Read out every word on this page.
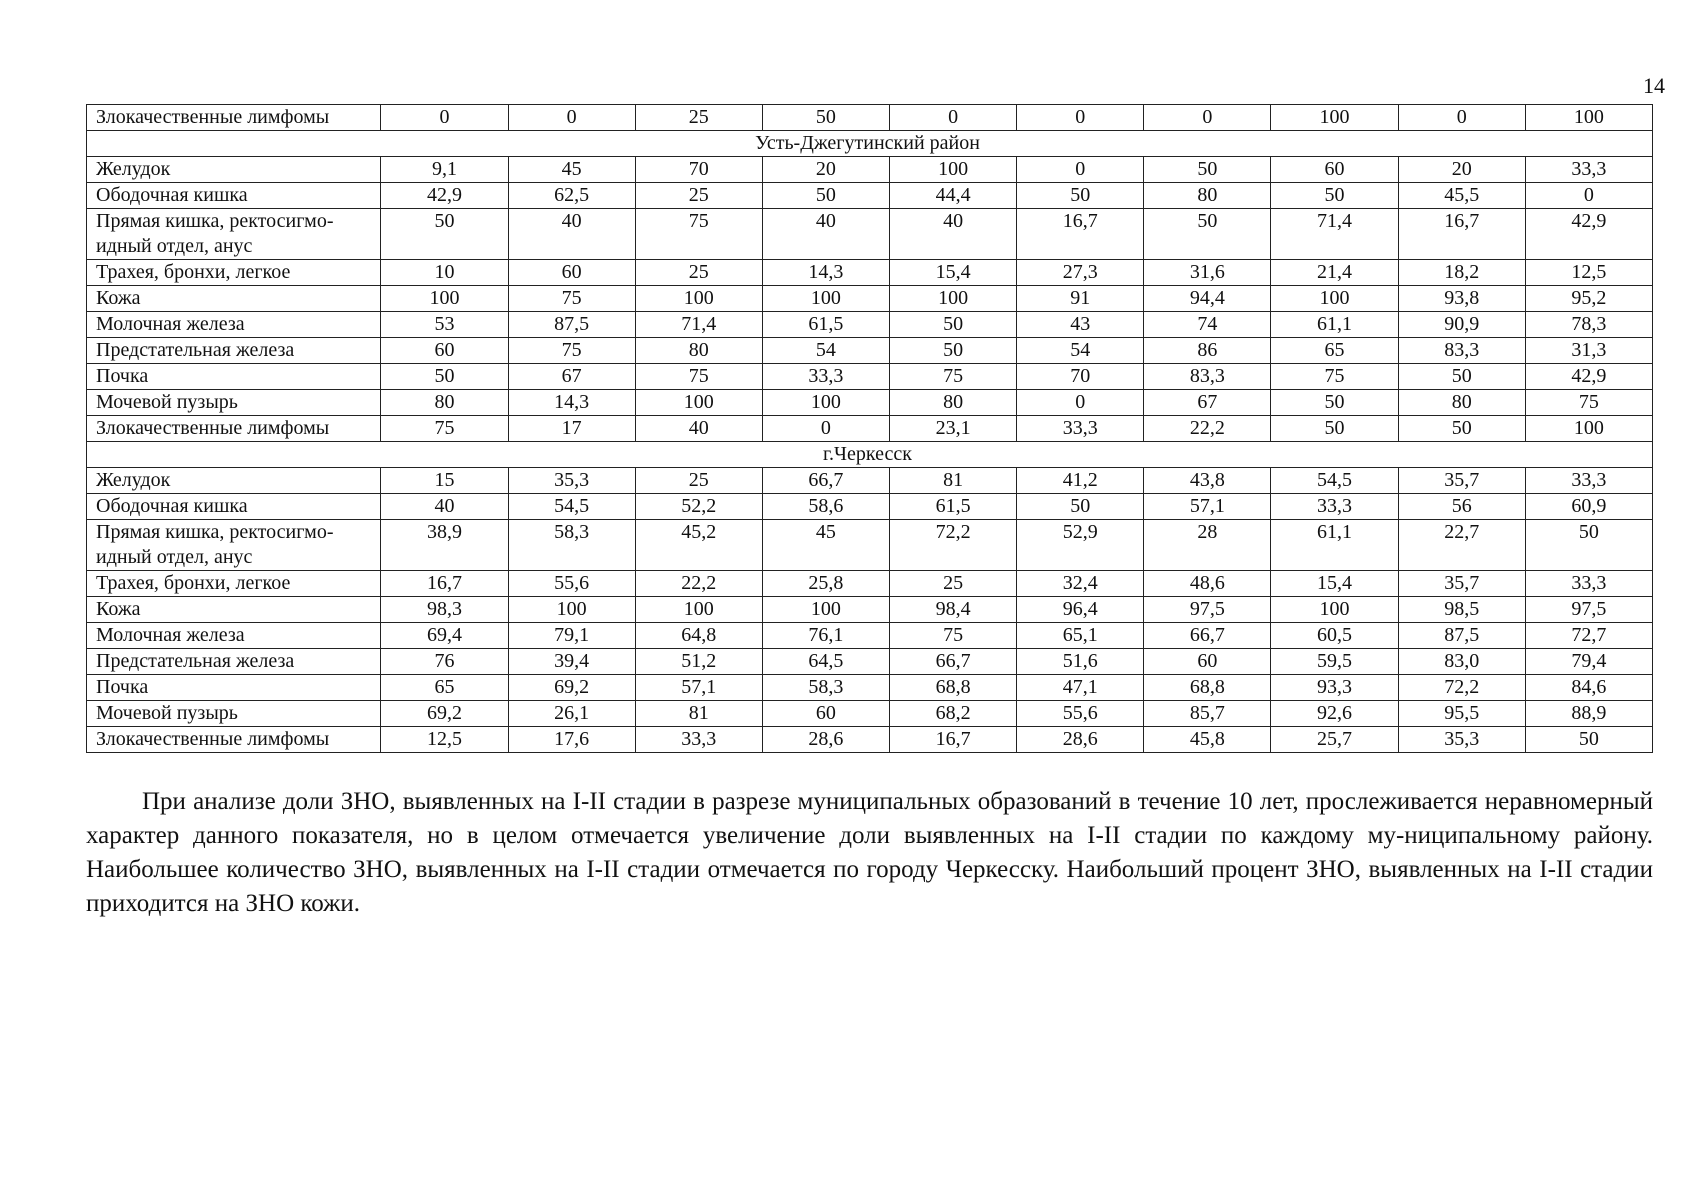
14
Злокачественные лимфомы	0	0	25	50	0	0	0	100	0	100
Усть-Джегутинский район										
Желудок	9,1	45	70	20	100	0	50	60	20	33,3
Ободочная кишка	42,9	62,5	25	50	44,4	50	80	50	45,5	0
Прямая кишка, ректосигмо-идный отдел, анус	50	40	75	40	40	16,7	50	71,4	16,7	42,9
Трахея, бронхи, легкое	10	60	25	14,3	15,4	27,3	31,6	21,4	18,2	12,5
Кожа	100	75	100	100	100	91	94,4	100	93,8	95,2
Молочная железа	53	87,5	71,4	61,5	50	43	74	61,1	90,9	78,3
Предстательная железа	60	75	80	54	50	54	86	65	83,3	31,3
Почка	50	67	75	33,3	75	70	83,3	75	50	42,9
Мочевой пузырь	80	14,3	100	100	80	0	67	50	80	75
Злокачественные лимфомы	75	17	40	0	23,1	33,3	22,2	50	50	100
г.Черкесск										
Желудок	15	35,3	25	66,7	81	41,2	43,8	54,5	35,7	33,3
Ободочная кишка	40	54,5	52,2	58,6	61,5	50	57,1	33,3	56	60,9
Прямая кишка, ректосигмо-идный отдел, анус	38,9	58,3	45,2	45	72,2	52,9	28	61,1	22,7	50
Трахея, бронхи, легкое	16,7	55,6	22,2	25,8	25	32,4	48,6	15,4	35,7	33,3
Кожа	98,3	100	100	100	98,4	96,4	97,5	100	98,5	97,5
Молочная железа	69,4	79,1	64,8	76,1	75	65,1	66,7	60,5	87,5	72,7
Предстательная железа	76	39,4	51,2	64,5	66,7	51,6	60	59,5	83,0	79,4
Почка	65	69,2	57,1	58,3	68,8	47,1	68,8	93,3	72,2	84,6
Мочевой пузырь	69,2	26,1	81	60	68,2	55,6	85,7	92,6	95,5	88,9
Злокачественные лимфомы	12,5	17,6	33,3	28,6	16,7	28,6	45,8	25,7	35,3	50

При анализе доли ЗНО, выявленных на I-II стадии в разрезе муниципальных образований в течение 10 лет, прослеживается неравномерный характер данного показателя, но в целом отмечается увеличение доли выявленных на I-II стадии по каждому му-ниципальному району. Наибольшее количество ЗНО, выявленных на I-II стадии отмечается по городу Черкесску. Наибольший процент ЗНО, выявленных на I-II стадии приходится на ЗНО кожи.
